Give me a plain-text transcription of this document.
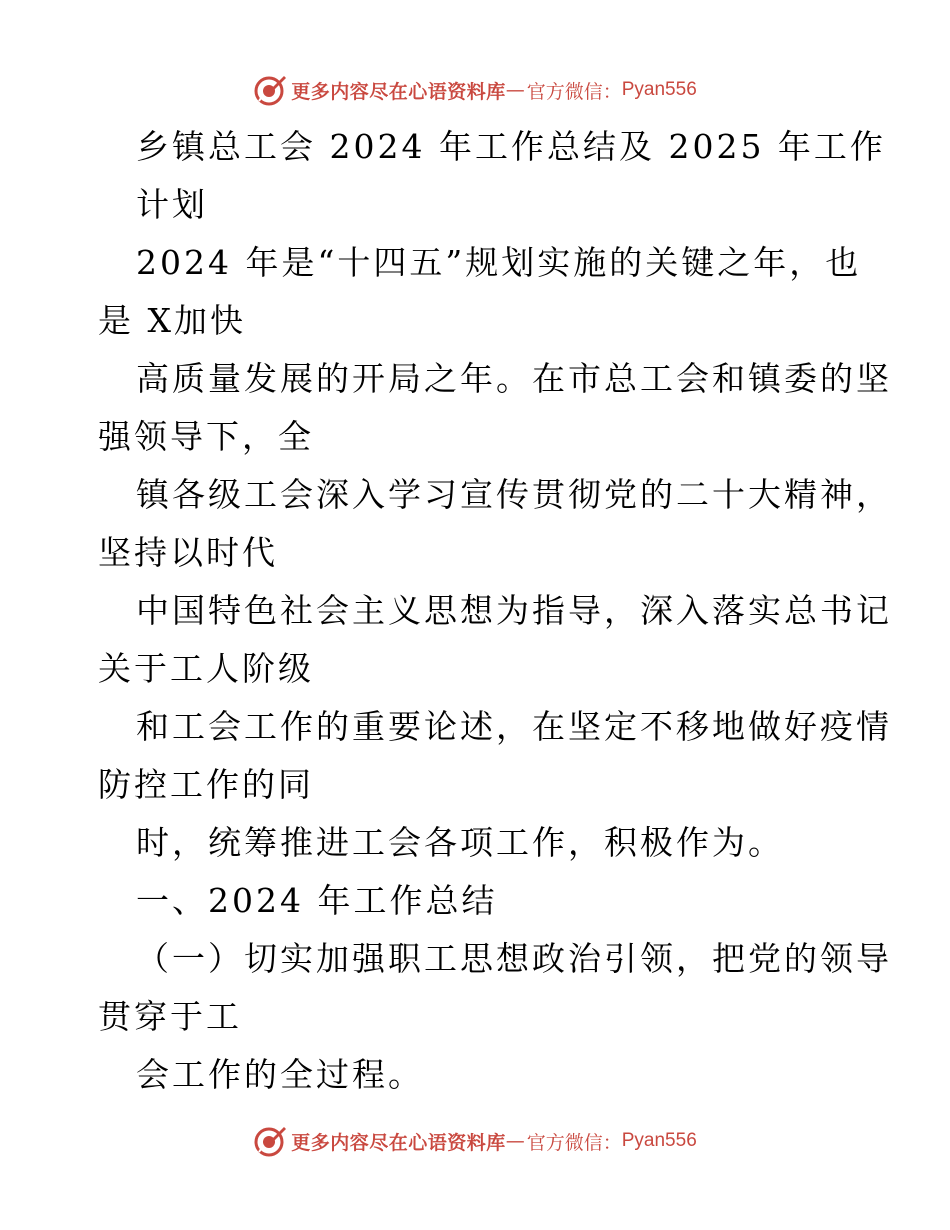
更多内容尽在心语资料库 — 官方微信： Pyan556
乡镇总工会 2024 年工作总结及 2025 年工作
计划
2024 年是“十四五”规划实施的关键之年，也
是 X加快
高质量发展的开局之年。在市总工会和镇委的坚
强领导下，全
镇各级工会深入学习宣传贯彻党的二十大精神，
坚持以时代
中国特色社会主义思想为指导，深入落实总书记
关于工人阶级
和工会工作的重要论述，在坚定不移地做好疫情
防控工作的同
时，统筹推进工会各项工作，积极作为。
一、2024 年工作总结
（一）切实加强职工思想政治引领，把党的领导
贯穿于工
会工作的全过程。
更多内容尽在心语资料库 — 官方微信： Pyan556
